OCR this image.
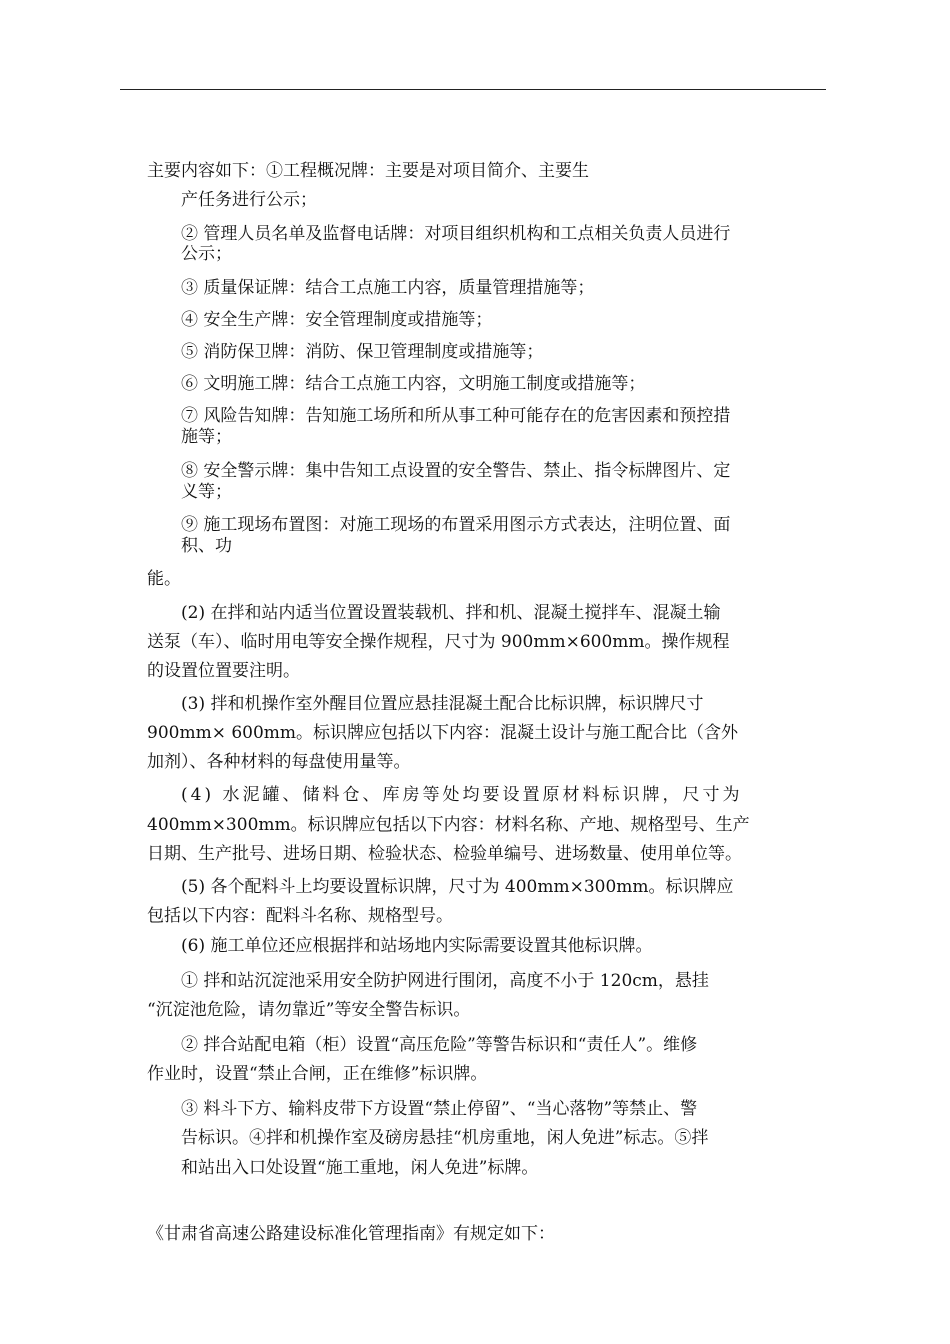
主要内容如下：①工程概况牌：主要是对项目简介、主要生

产任务进行公示；

② 管理人员名单及监督电话牌：对项目组织机构和工点相关负责人员进行

公示；

③ 质量保证牌：结合工点施工内容，质量管理措施等；

④ 安全生产牌：安全管理制度或措施等；

⑤ 消防保卫牌：消防、保卫管理制度或措施等；

⑥ 文明施工牌：结合工点施工内容，文明施工制度或措施等；

⑦ 风险告知牌：告知施工场所和所从事工种可能存在的危害因素和预控措

施等；

⑧ 安全警示牌：集中告知工点设置的安全警告、禁止、指令标牌图片、定

义等；

⑨ 施工现场布置图：对施工现场的布置采用图示方式表达，注明位置、面

积、功

能。

(2) 在拌和站内适当位置设置装载机、拌和机、混凝土搅拌车、混凝土输

送泵（车）、临时用电等安全操作规程，尺寸为 900mm×600mm。操作规程

的设置位置要注明。

(3) 拌和机操作室外醒目位置应悬挂混凝土配合比标识牌，标识牌尺寸

900mm× 600mm。标识牌应包括以下内容：混凝土设计与施工配合比（含外

加剂）、各种材料的每盘使用量等。

(4) 水泥罐、储料仓、库房等处均要设置原材料标识牌，尺寸为

400mm×300mm。标识牌应包括以下内容：材料名称、产地、规格型号、生产

日期、生产批号、进场日期、检验状态、检验单编号、进场数量、使用单位等。

(5) 各个配料斗上均要设置标识牌，尺寸为 400mm×300mm。标识牌应

包括以下内容：配料斗名称、规格型号。

(6) 施工单位还应根据拌和站场地内实际需要设置其他标识牌。

① 拌和站沉淀池采用安全防护网进行围闭，高度不小于 120cm，悬挂

“沉淀池危险，请勿靠近”等安全警告标识。

② 拌合站配电箱（柜）设置“高压危险”等警告标识和“责任人”。维修

作业时，设置“禁止合闸，正在维修”标识牌。

③ 料斗下方、输料皮带下方设置“禁止停留”、“当心落物”等禁止、警

告标识。④拌和机操作室及磅房悬挂“机房重地，闲人免进”标志。⑤拌

和站出入口处设置“施工重地，闲人免进”标牌。

《甘肃省高速公路建设标准化管理指南》有规定如下：
